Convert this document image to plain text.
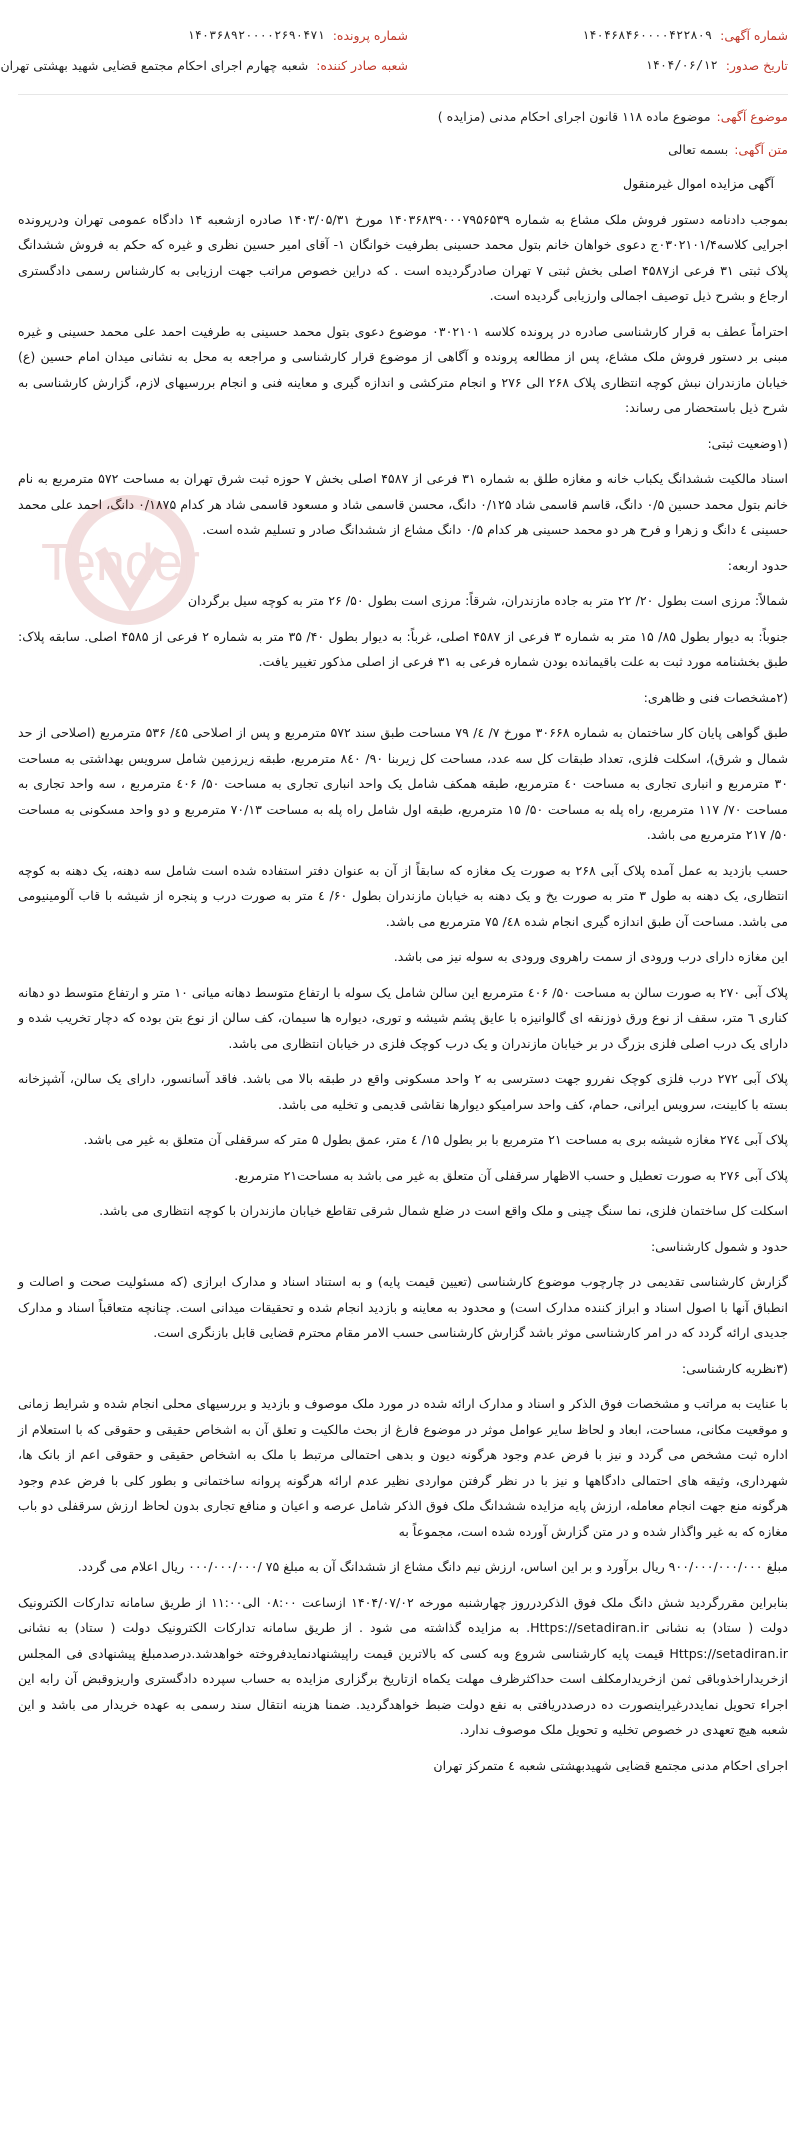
Tender
شماره آگهی:
۱۴۰۴۶۸۴۶۰۰۰۰۴۲۲۸۰۹
شماره پرونده:
۱۴۰۳۶۸۹۲۰۰۰۰۲۶۹۰۴۷۱
تاریخ صدور:
۱۴۰۴/۰۶/۱۲
شعبه صادر کننده:
شعبه چهارم اجرای احکام مجتمع قضایی شهید بهشتی تهران
موضوع آگهی:
موضوع ماده ۱۱۸ قانون اجرای احکام مدنی (مزایده )
متن آگهی:
بسمه تعالی

آگهی مزایده اموال غیرمنقول

بموجب دادنامه دستور فروش ملک مشاع به شماره ۱۴۰۳۶۸۳۹۰۰۰۷۹۵۶۵۳۹ مورخ ۱۴۰۳/۰۵/۳۱ صادره ازشعبه ۱۴ دادگاه عمومی تهران ودرپرونده اجرایی کلاسه۰۳۰۲۱۰۱/۴ج دعوی خواهان خانم بتول محمد حسینی بطرفیت خوانگان ۱- آقای امیر حسین نظری و غیره که حکم به فروش ششدانگ پلاک ثبتی ۳۱ فرعی از۴۵۸۷ اصلی بخش ثبتی ۷ تهران صادرگردیده است . که دراین خصوص مراتب جهت ارزیابی به کارشناس رسمی دادگستری ارجاع و بشرح ذیل توصیف اجمالی وارزیابی گردیده است.

احتراماً عطف به قرار کارشناسی صادره در پرونده کلاسه ۰۳۰۲۱۰۱ موضوع دعوی بتول محمد حسینی به طرفیت احمد علی محمد حسینی و غیره مبنی بر دستور فروش ملک مشاع، پس از مطالعه پرونده و آگاهی از موضوع قرار کارشناسی و مراجعه به محل به نشانی میدان امام حسین (ع) خیابان مازندران نبش کوچه انتظاری پلاک ۲۶۸ الی ۲۷۶ و انجام مترکشی و اندازه گیری و معاینه فنی و انجام بررسیهای لازم، گزارش کارشناسی به شرح ذیل باستحضار می رساند:

(۱وضعیت ثبتی:

اسناد مالکیت ششدانگ یکباب خانه و مغازه طلق به شماره ۳۱ فرعی از ۴۵۸۷ اصلی بخش ۷ حوزه ثبت شرق تهران به مساحت ۵۷۲ مترمربع به نام خانم بتول محمد حسین ۰/۵ دانگ، قاسم قاسمی شاد ۰/۱۲۵ دانگ، محسن قاسمی شاد و مسعود قاسمی شاد هر کدام ۰/۱۸۷۵ دانگ، احمد علی محمد حسینی ٤ دانگ و زهرا و فرح هر دو محمد حسینی هر کدام ۰/۵ دانگ مشاع از ششدانگ صادر و تسلیم شده است.

حدود اربعه:

شمالاً: مرزی است بطول ۲۰/ ۲۲ متر به جاده مازندران، شرقاً: مرزی است بطول ۵۰/ ۲۶ متر به کوچه سیل برگردان

جنوباً: به دیوار بطول ۸۵/ ۱۵ متر به شماره ۳ فرعی از ۴۵۸۷ اصلی، غرباً: به دیوار بطول ۴۰/ ۳۵ متر به شماره ۲ فرعی از ۴۵۸۵ اصلی. سابقه پلاک: طبق بخشنامه مورد ثبت به علت باقیمانده بودن شماره فرعی به ۳۱ فرعی از اصلی مذکور تغییر یافت.

(۲مشخصات فنی و ظاهری:

طبق گواهی پایان کار ساختمان به شماره ۳۰۶۶۸ مورخ ۷/ ٤/ ۷۹ مساحت طبق سند ۵۷۲ مترمربع و پس از اصلاحی ٤۵/ ۵۳۶ مترمربع (اصلاحی از حد شمال و شرق)، اسکلت فلزی، تعداد طبقات کل سه عدد، مساحت کل زیربنا ۹۰/ ۸٤۰ مترمربع، طبقه زیرزمین شامل سرویس بهداشتی به مساحت ۳۰ مترمربع و انباری تجاری به مساحت ٤۰ مترمربع، طبقه همکف شامل یک واحد انباری تجاری به مساحت ۵۰/ ٤۰۶ مترمربع ، سه واحد تجاری به مساحت ۷۰/ ۱۱۷ مترمربع، راه پله به مساحت ۵۰/ ۱۵ مترمربع، طبقه اول شامل راه پله به مساحت ۷۰/۱۳ مترمربع و دو واحد مسکونی به مساحت ۵۰/ ۲۱۷ مترمربع می باشد.

حسب بازدید به عمل آمده پلاک آبی ۲۶۸ به صورت یک مغازه که سابقاً از آن به عنوان دفتر استفاده شده است شامل سه دهنه، یک دهنه به کوچه انتظاری، یک دهنه به طول ۳ متر به صورت یخ و یک دهنه به خیابان مازندران بطول ۶۰/ ٤ متر به صورت درب و پنجره از شیشه با قاب آلومینیومی می باشد. مساحت آن طبق اندازه گیری انجام شده ٤۸/ ۷۵ مترمربع می باشد.

این مغازه دارای درب ورودی از سمت راهروی ورودی به سوله نیز می باشد.

پلاک آبی ۲۷۰ به صورت سالن به مساحت ۵۰/ ٤۰۶ مترمربع این سالن شامل یک سوله با ارتفاع متوسط دهانه میانی ۱۰ متر و ارتفاع متوسط دو دهانه کناری ٦ متر، سقف از نوع ورق ذوزنقه ای گالوانیزه با عایق پشم شیشه و توری، دیواره ها سیمان، کف سالن از نوع بتن بوده که دچار تخریب شده و دارای یک درب اصلی فلزی بزرگ در بر خیابان مازندران و یک درب کوچک فلزی در خیابان انتظاری می باشد.

پلاک آبی ۲۷۲ درب فلزی کوچک نفررو جهت دسترسی به ۲ واحد مسکونی واقع در طبقه بالا می باشد. فاقد آسانسور، دارای یک سالن، آشپزخانه بسته با کابینت، سرویس ایرانی، حمام، کف واحد سرامیکو دیوارها نقاشی قدیمی و تخلیه می باشد.

پلاک آبی ۲۷٤ مغازه شیشه بری به مساحت ۲۱ مترمربع با بر بطول ۱۵/ ٤ متر، عمق بطول ۵ متر که سرقفلی آن متعلق به غیر می باشد.

پلاک آبی ۲۷۶ به صورت تعطیل و حسب الاظهار سرقفلی آن متعلق به غیر می باشد به مساحت۲۱ مترمربع.

اسکلت کل ساختمان فلزی، نما سنگ چینی و ملک واقع است در ضلع شمال شرقی تقاطع خیابان مازندران با کوچه انتظاری می باشد.

حدود و شمول کارشناسی:

گزارش کارشناسی تقدیمی در چارچوب موضوع کارشناسی (تعیین قیمت پایه) و به استناد اسناد و مدارک ابرازی (که مسئولیت صحت و اصالت و انطباق آنها با اصول اسناد و ابراز کننده مدارک است) و محدود به معاینه و بازدید انجام شده و تحقیقات میدانی است. چنانچه متعاقباً اسناد و مدارک جدیدی ارائه گردد که در امر کارشناسی موثر باشد گزارش کارشناسی حسب الامر مقام محترم قضایی قابل بازنگری است.

(۳نظریه کارشناسی:

با عنایت به مراتب و مشخصات فوق الذکر و اسناد و مدارک ارائه شده در مورد ملک موصوف و بازدید و بررسیهای محلی انجام شده و شرایط زمانی و موقعیت مکانی، مساحت، ابعاد و لحاظ سایر عوامل موثر در موضوع فارغ از بحث مالکیت و تعلق آن به اشخاص حقیقی و حقوقی که با استعلام از اداره ثبت مشخص می گردد و نیز با فرض عدم وجود هرگونه دیون و بدهی احتمالی مرتبط با ملک به اشخاص حقیقی و حقوقی اعم از بانک ها، شهرداری، وثیقه های احتمالی دادگاهها و نیز با در نظر گرفتن مواردی نظیر عدم ارائه هرگونه پروانه ساختمانی و بطور کلی با فرض عدم وجود هرگونه منع جهت انجام معامله، ارزش پایه مزایده ششدانگ ملک فوق الذکر شامل عرصه و اعیان و منافع تجاری بدون لحاظ ارزش سرقفلی دو باب مغازه که به غیر واگذار شده و در متن گزارش آورده شده است، مجموعاً به

مبلغ ۹۰۰/۰۰۰/۰۰۰/۰۰۰ ریال برآورد و بر این اساس، ارزش نیم دانگ مشاع از ششدانگ آن به مبلغ ۷۵ /۰۰۰/۰۰۰/۰۰۰ ریال اعلام می گردد.

بنابراین مقررگردید شش دانگ ملک فوق الذکردرروز چهارشنبه مورخه ۱۴۰۴/۰۷/۰۲ ازساعت ۰۸:۰۰ الی۱۱:۰۰ از طریق سامانه تدارکات الکترونیک دولت ( ستاد) به نشانی Https://setadiran.ir. به مزایده گذاشته می شود . از طریق سامانه تدارکات الکترونیک دولت ( ستاد) به نشانی Https://setadiran.ir قیمت پایه کارشناسی شروع وبه کسی که بالاترین قیمت راپیشنهادنمایدفروخته خواهدشد.درصدمبلغ پیشنهادی فی المجلس ازخریداراخذوباقی ثمن ازخریدارمکلف است حداکثرظرف مهلت یکماه ازتاریخ برگزاری مزایده به حساب سپرده دادگستری واریزوقبض آن رابه این اجراء تحویل نمایددرغیراینصورت ده درصددریافتی به نفع دولت ضبط خواهدگردید. ضمنا هزینه انتقال سند رسمی به عهده خریدار می باشد و این شعبه هیچ تعهدی در خصوص تخلیه و تحویل ملک موصوف ندارد.

اجرای احکام مدنی مجتمع قضایی شهیدبهشتی شعبه ٤ متمرکز تهران
